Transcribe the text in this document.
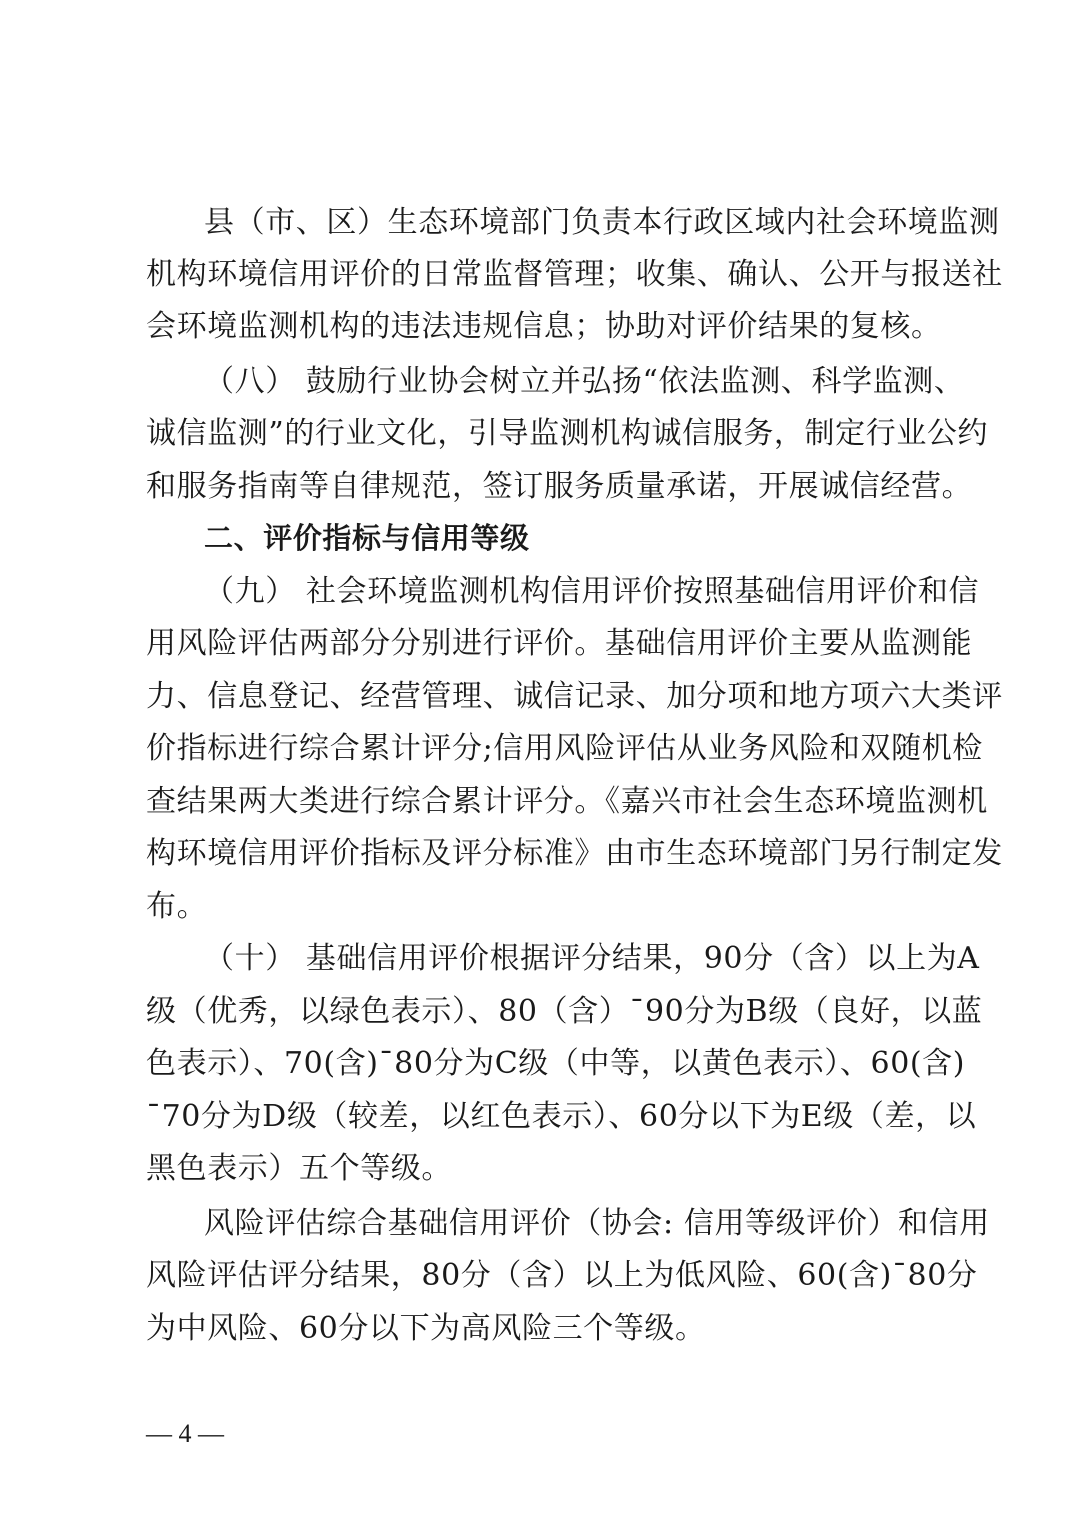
县（市、区）生态环境部门负责本行政区域内社会环境监测
机构环境信用评价的日常监督管理；收集、确认、公开与报送社
会环境监测机构的违法违规信息；协助对评价结果的复核。
（八） 鼓励行业协会树立并弘扬“依法监测、科学监测、
诚信监测”的行业文化，引导监测机构诚信服务，制定行业公约
和服务指南等自律规范，签订服务质量承诺，开展诚信经营。
二、评价指标与信用等级
（九） 社会环境监测机构信用评价按照基础信用评价和信
用风险评估两部分分别进行评价。基础信用评价主要从监测能
力、信息登记、经营管理、诚信记录、加分项和地方项六大类评
价指标进行综合累计评分;信用风险评估从业务风险和双随机检
查结果两大类进行综合累计评分。《嘉兴市社会生态环境监测机
构环境信用评价指标及评分标准》由市生态环境部门另行制定发
布。
（十） 基础信用评价根据评分结果，90分（含）以上为A
级（优秀，以绿色表示）、80（含）¯90分为B级（良好，以蓝
色表示）、70(含)¯80分为C级（中等，以黄色表示）、60(含)
¯70分为D级（较差，以红色表示）、60分以下为E级（差，以
黑色表示）五个等级。
风险评估综合基础信用评价（协会: 信用等级评价）和信用
风险评估评分结果，80分（含）以上为低风险、60(含)¯80分
为中风险、60分以下为高风险三个等级。
— 4 —
